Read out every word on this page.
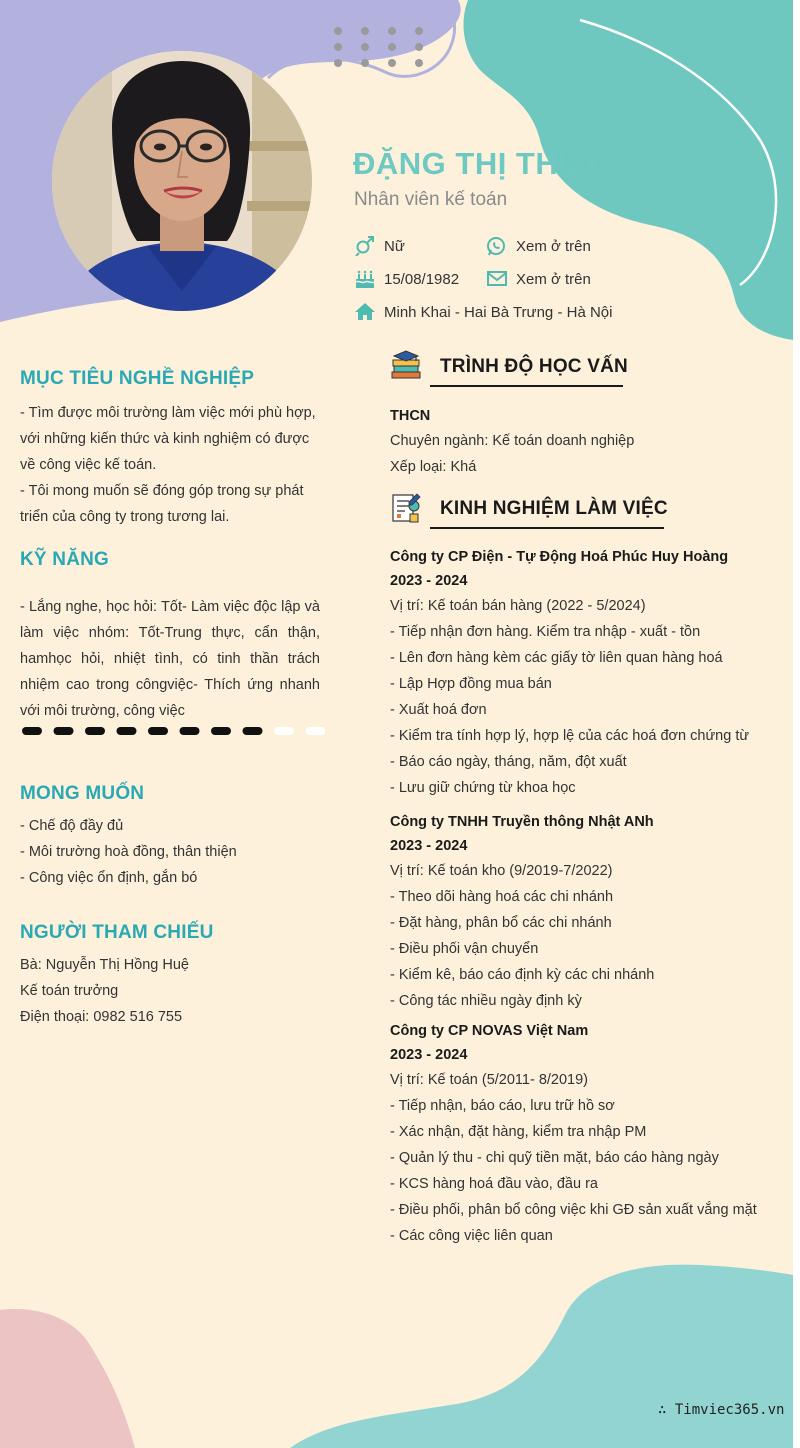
ĐẶNG THỊ THUỶ
Nhân viên kế toán
Nữ	Xem ở trên
15/08/1982	Xem ở trên
Minh Khai - Hai Bà Trưng - Hà Nội
MỤC TIÊU NGHỀ NGHIỆP

- Tìm được môi trường làm việc mới phù hợp, với những kiến thức và kinh nghiệm có được về công việc kế toán.

- Tôi mong muốn sẽ đóng góp trong sự phát triển của công ty trong tương lai.

KỸ NĂNG

- Lắng nghe, học hỏi: Tốt- Làm việc độc lập và làm việc nhóm: Tốt-Trung thực, cẩn thận, hamhọc hỏi, nhiệt tình, có tinh thần trách nhiệm cao trong côngviệc- Thích ứng nhanh với môi trường, công việc

MONG MUỐN

- Chế độ đầy đủ

- Môi trường hoà đồng, thân thiện

- Công việc ổn định, gắn bó

NGƯỜI THAM CHIẾU

Bà: Nguyễn Thị Hồng Huệ

Kế toán trưởng

Điện thoại: 0982 516 755

TRÌNH ĐỘ HỌC VẤN
THCN
Chuyên ngành: Kế toán doanh nghiệp
Xếp loại: Khá
KINH NGHIỆM LÀM VIỆC
Công ty CP Điện - Tự Động Hoá Phúc Huy Hoàng
2023 - 2024
Vị trí: Kế toán bán hàng (2022 - 5/2024)
- Tiếp nhận đơn hàng. Kiểm tra nhập - xuất - tồn
- Lên đơn hàng kèm các giấy tờ liên quan hàng hoá
- Lập Hợp đồng mua bán
- Xuất hoá đơn
- Kiểm tra tính hợp lý, hợp lệ của các hoá đơn chứng từ
- Báo cáo ngày, tháng, năm, đột xuất
- Lưu giữ chứng từ khoa học
Công ty TNHH Truyền thông Nhật ANh
2023 - 2024
Vị trí: Kế toán kho (9/2019-7/2022)
- Theo dõi hàng hoá các chi nhánh
- Đặt hàng, phân bổ các chi nhánh
- Điều phối vận chuyển
- Kiểm kê, báo cáo định kỳ các chi nhánh
- Công tác nhiều ngày định kỳ
Công ty CP NOVAS Việt Nam
2023 - 2024
Vị trí: Kế toán (5/2011- 8/2019)
- Tiếp nhận, báo cáo, lưu trữ hồ sơ
- Xác nhận, đặt hàng, kiểm tra nhập PM
- Quản lý thu - chi quỹ tiền mặt, báo cáo hàng ngày
- KCS hàng hoá đầu vào, đầu ra
- Điều phối, phân bổ công việc khi GĐ sản xuất vắng mặt
- Các công việc liên quan
∴ Timviec365.vn
